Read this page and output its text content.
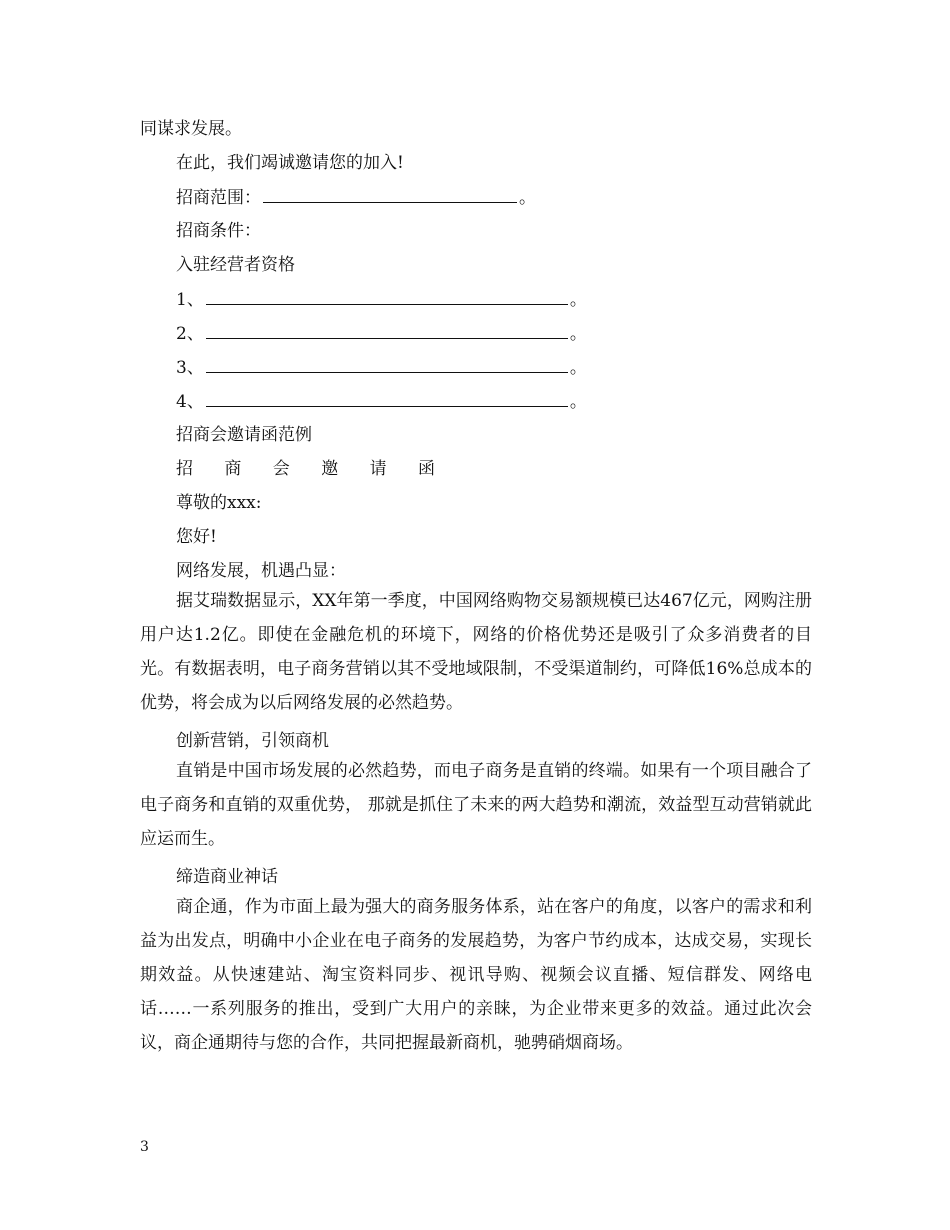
同谋求发展。
在此，我们竭诚邀请您的加入!
招商范围：	。
招商条件：
入驻经营者资格
1、	。
2、	。
3、	。
4、	。
招商会邀请函范例
招 商 会 邀 请 函
尊敬的xxx:
您好!
网络发展，机遇凸显：
据艾瑞数据显示，XX年第一季度，中国网络购物交易额规模已达467亿元，网购注册用户达1.2亿。即使在金融危机的环境下，网络的价格优势还是吸引了众多消费者的目光。有数据表明，电子商务营销以其不受地域限制，不受渠道制约，可降低16%总成本的优势，将会成为以后网络发展的必然趋势。
创新营销，引领商机
直销是中国市场发展的必然趋势，而电子商务是直销的终端。如果有一个项目融合了电子商务和直销的双重优势， 那就是抓住了未来的两大趋势和潮流，效益型互动营销就此应运而生。
缔造商业神话
商企通，作为市面上最为强大的商务服务体系，站在客户的角度，以客户的需求和利益为出发点，明确中小企业在电子商务的发展趋势，为客户节约成本，达成交易，实现长期效益。从快速建站、淘宝资料同步、视讯导购、视频会议直播、短信群发、网络电话……一系列服务的推出，受到广大用户的亲睐，为企业带来更多的效益。通过此次会议，商企通期待与您的合作，共同把握最新商机，驰骋硝烟商场。
3
